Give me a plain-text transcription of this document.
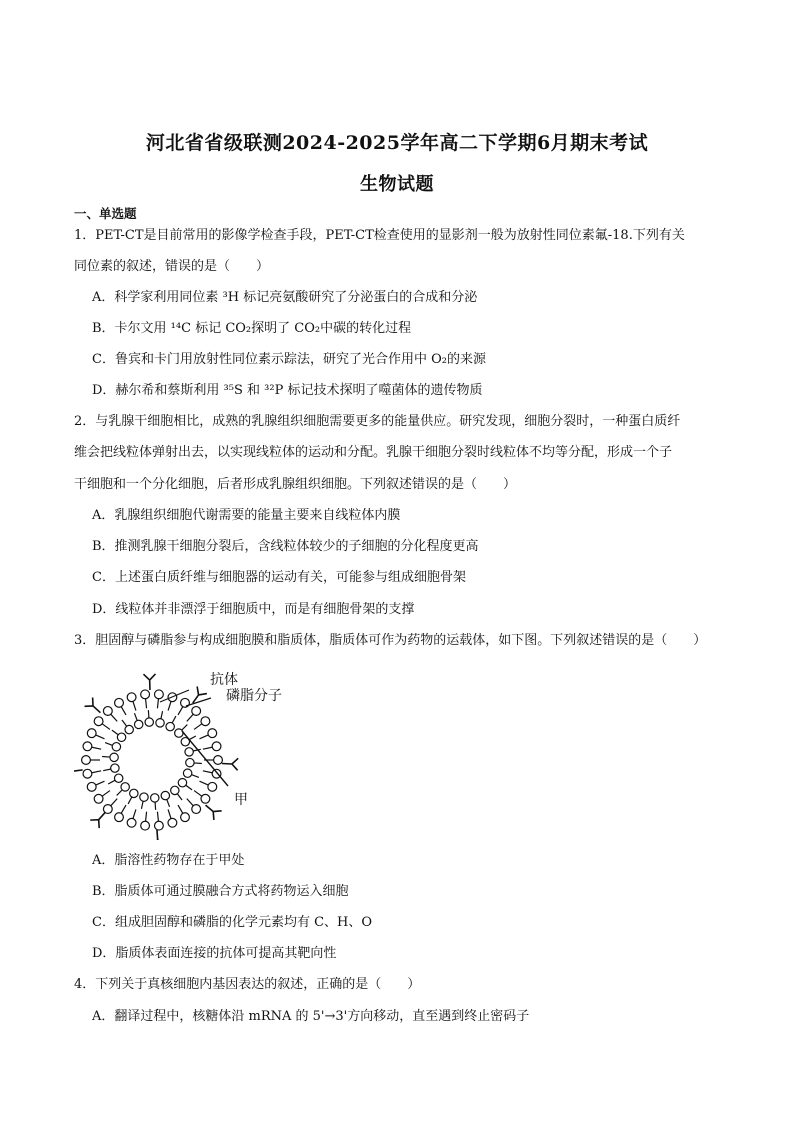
河北省省级联测2024-2025学年高二下学期6月期末考试
生物试题
一、单选题
1．PET-CT是目前常用的影像学检查手段，PET-CT检查使用的显影剂一般为放射性同位素氟-18.下列有关
同位素的叙述，错误的是（　　）
A．科学家利用同位素 ³H 标记亮氨酸研究了分泌蛋白的合成和分泌
B．卡尔文用 ¹⁴C 标记 CO₂探明了 CO₂中碳的转化过程
C．鲁宾和卡门用放射性同位素示踪法，研究了光合作用中 O₂的来源
D．赫尔希和蔡斯利用 ³⁵S 和 ³²P 标记技术探明了噬菌体的遗传物质
2．与乳腺干细胞相比，成熟的乳腺组织细胞需要更多的能量供应。研究发现，细胞分裂时，一种蛋白质纤
维会把线粒体弹射出去，以实现线粒体的运动和分配。乳腺干细胞分裂时线粒体不均等分配，形成一个子
干细胞和一个分化细胞，后者形成乳腺组织细胞。下列叙述错误的是（　　）
A．乳腺组织细胞代谢需要的能量主要来自线粒体内膜
B．推测乳腺干细胞分裂后，含线粒体较少的子细胞的分化程度更高
C．上述蛋白质纤维与细胞器的运动有关，可能参与组成细胞骨架
D．线粒体并非漂浮于细胞质中，而是有细胞骨架的支撑
3．胆固醇与磷脂参与构成细胞膜和脂质体，脂质体可作为药物的运载体，如下图。下列叙述错误的是（　　）
抗体
磷脂分子
甲
A．脂溶性药物存在于甲处
B．脂质体可通过膜融合方式将药物运入细胞
C．组成胆固醇和磷脂的化学元素均有 C、H、O
D．脂质体表面连接的抗体可提高其靶向性
4．下列关于真核细胞内基因表达的叙述，正确的是（　　）
A．翻译过程中，核糖体沿 mRNA 的 5'→3'方向移动，直至遇到终止密码子
